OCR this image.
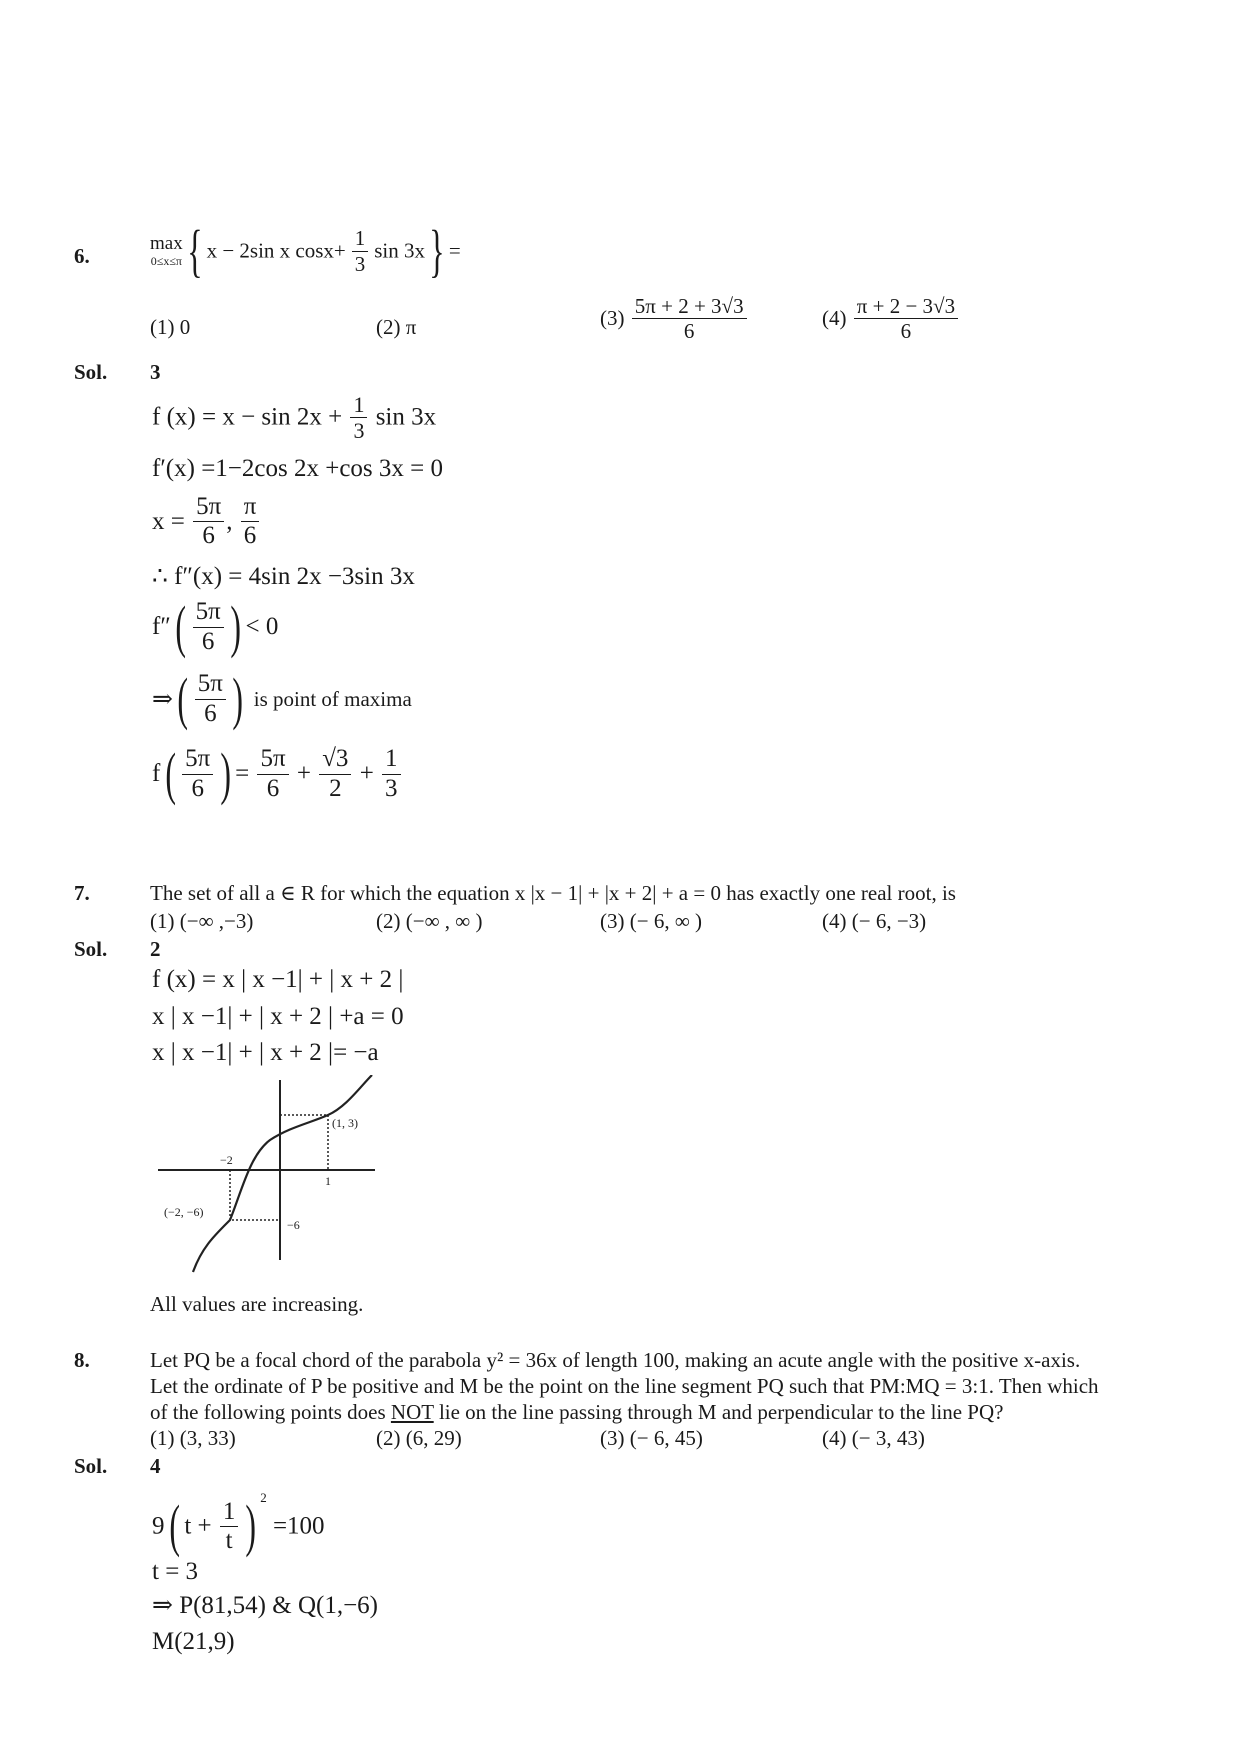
6.
max
0≤x≤π { x − 2sin x $\cos x+ \frac{1}{3}$ sin 3x } =
(1) 0	(2) π	$(3) \frac{5\pi + 2 + 3√3}{6}$	$(4) \frac{\pi + 2 - 3√3}{6}$
Sol. 3
f $(x) = x - \sin 2x + \frac{1}{3}$ sin 3x
f′(x) =1−2cos 2x +cos 3x = 0
$x = \frac{5\pi}{6}$ , $\frac{\pi}{6}$
∴ f″(x) = 4sin 2x −3sin 3x
f″ ( $\frac{5\pi}{6}$ ) < 0
⇒ ( $\frac{5\pi}{6}$ ) is point of maxima
f ( $\frac{5\pi}{6}$ ) = $\frac{5\pi}{6} + \frac{√3}{2} + \frac{1}{3}$
7.	The set of all a ∈ R for which the equation x |x − 1| + |x + 2| + a = 0 has exactly one real root, is
(1) (−∞ ,−3)	(2) (−∞ , ∞ )	(3) (− 6, ∞ )	(4) (− 6, −3)
Sol. 2
f (x) = x | x −1| + | x + 2 |
x | x −1| + | x + 2 | +a = 0
x | x −1| + | x + 2 |= −a
(1, 3)
−2
1
(−2, −6)
−6
All values are increasing.
8.	Let PQ be a focal chord of the parabola y² = 36x of length 100, making an acute angle with the positive x-axis.
Let the ordinate of P be positive and M be the point on the line segment PQ such that PM:MQ = 3:1. Then which
of the following points does NOT lie on the line passing through M and perpendicular to the line PQ?
(1) (3, 33)	(2) (6, 29)	(3) (− 6, 45)	(4) (− 3, 43)
Sol. 4
9 ( $t + \frac{1}{t}$ ) $^2$ =100
t = 3
⇒ P(81,54) & Q(1,−6)
M(21,9)
